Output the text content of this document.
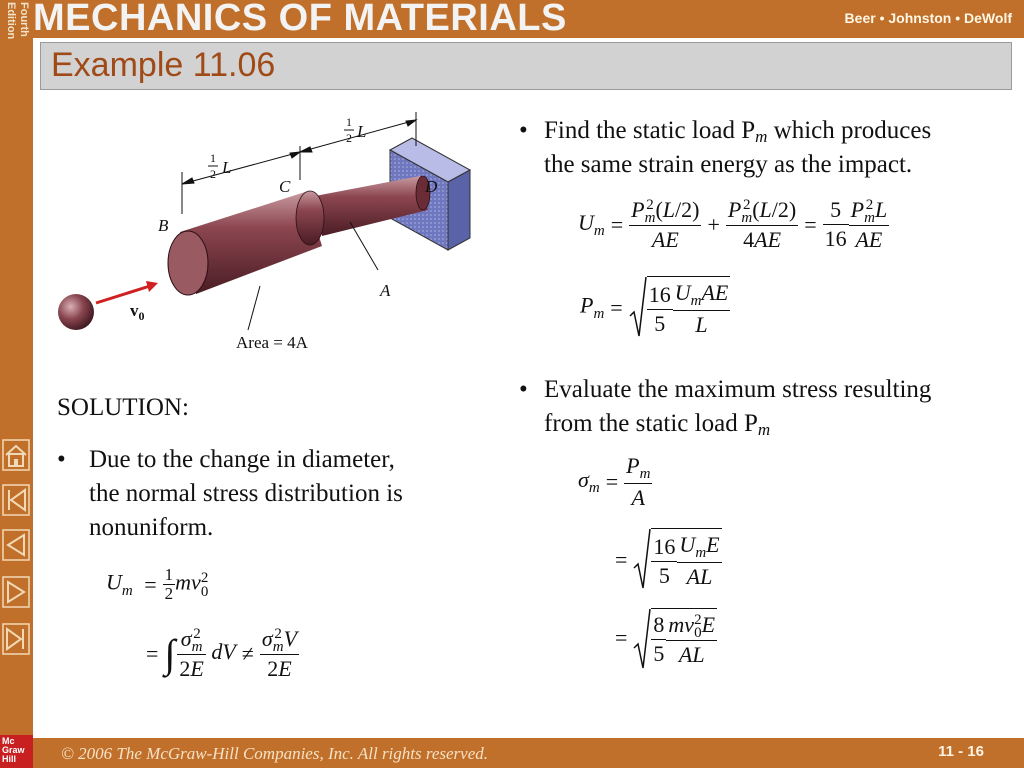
Fourth
Edition MECHANICS OF MATERIALS	Beer • Johnston • DeWolf
Example 11.06
$v_0$
1
2 L
1
2 L
B
C	D
A
Area = 4A
SOLUTION:
• Due to the change in diameter,
the normal stress distribution is
nonuniform.
$U_m = \frac{1}{2}$ mv 2
0
= ∫ σ 2
m
2E dV ≠ σ 2
m V
2E
• Find the static load Pm which produces
the same strain energy as the impact.
$U_m = P$ 2
m (L/2)
AE + P 2
m (L/2)
$4AE = \frac{5}{16}$ P 2
m L
AE
$P_m = \frac{16}{5} \frac{U_mAE}{L}$
• Evaluate the maximum stress resulting
from the static load Pm
$\sigma_m = \frac{P_m}{A}$
= $\frac{16}{5} \frac{U_mE}{AL}$
= $\frac{8}{5}$ mv 2
0 E
AL
© 2006 The McGraw-Hill Companies, Inc. All rights reserved.	11 - 16
Mc
Graw
Hill
